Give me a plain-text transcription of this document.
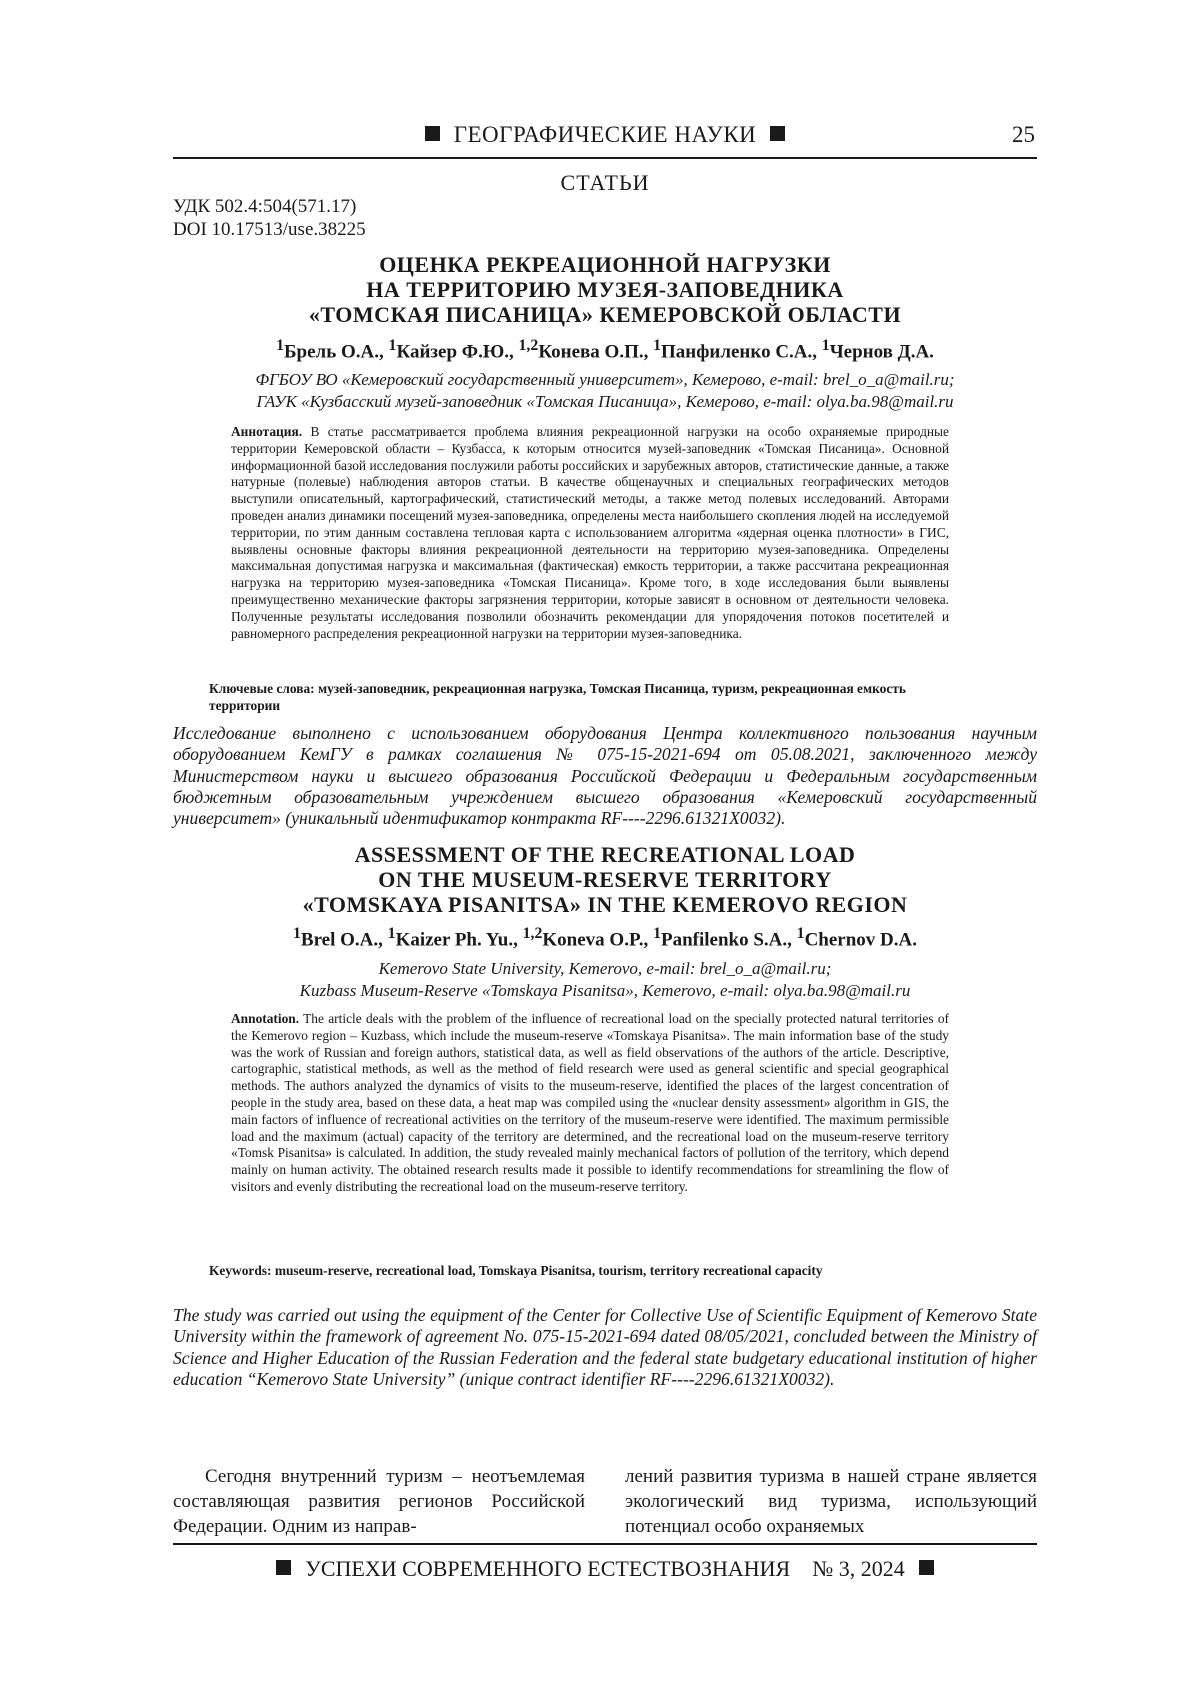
ГЕОГРАФИЧЕСКИЕ НАУКИ	25
СТАТЬИ
УДК 502.4:504(571.17)
DOI 10.17513/use.38225
ОЦЕНКА РЕКРЕАЦИОННОЙ НАГРУЗКИ
НА ТЕРРИТОРИЮ МУЗЕЯ-ЗАПОВЕДНИКА
«ТОМСКАЯ ПИСАНИЦА» КЕМЕРОВСКОЙ ОБЛАСТИ
$^1$Брель О.А., $^1$Кайзер Ф.Ю., $^{1,2}$Конева О.П., $^1$Панфиленко С.А., $^1$Чернов Д.А.
ФГБОУ ВО «Кемеровский государственный университет», Кемерово, e-mail: brel_o_a@mail.ru;
ГАУК «Кузбасский музей-заповедник «Томская Писаница», Кемерово, e-mail: olya.ba.98@mail.ru
Аннотация. В статье рассматривается проблема влияния рекреационной нагрузки на особо охраняемые природные территории Кемеровской области – Кузбасса, к которым относится музей-заповедник «Томская Писаница». Основной информационной базой исследования послужили работы российских и зарубежных авторов, статистические данные, а также натурные (полевые) наблюдения авторов статьи. В качестве общенаучных и специальных географических методов выступили описательный, картографический, статистический методы, а также метод полевых исследований. Авторами проведен анализ динамики посещений музея-заповедника, определены места наибольшего скопления людей на исследуемой территории, по этим данным составлена тепловая карта с использованием алгоритма «ядерная оценка плотности» в ГИС, выявлены основные факторы влияния рекреационной деятельности на территорию музея-заповедника. Определены максимальная допустимая нагрузка и максимальная (фактическая) емкость территории, а также рассчитана рекреационная нагрузка на территорию музея-заповедника «Томская Писаница». Кроме того, в ходе исследования были выявлены преимущественно механические факторы загрязнения территории, которые зависят в основном от деятельности человека. Полученные результаты исследования позволили обозначить рекомендации для упорядочения потоков посетителей и равномерного распределения рекреационной нагрузки на территории музея-заповедника.
Ключевые слова: музей-заповедник, рекреационная нагрузка, Томская Писаница, туризм, рекреационная емкость территории
Исследование выполнено с использованием оборудования Центра коллективного пользования научным оборудованием КемГУ в рамках соглашения № 075-15-2021-694 от 05.08.2021, заключенного между Министерством науки и высшего образования Российской Федерации и Федеральным государственным бюджетным образовательным учреждением высшего образования «Кемеровский государственный университет» (уникальный идентификатор контракта RF----2296.61321X0032).
ASSESSMENT OF THE RECREATIONAL LOAD
ON THE MUSEUM-RESERVE TERRITORY
«TOMSKAYA PISANITSA» IN THE KEMEROVO REGION
$^1$Brel O.A., $^1$Kaizer Ph. Yu., $^{1,2}$Koneva O.P., $^1$Panfilenko S.A., $^1$Chernov D.A.
Kemerovo State University, Kemerovo, e-mail: brel_o_a@mail.ru;
Kuzbass Museum-Reserve «Tomskaya Pisanitsa», Kemerovo, e-mail: olya.ba.98@mail.ru
Annotation. The article deals with the problem of the influence of recreational load on the specially protected natural territories of the Kemerovo region – Kuzbass, which include the museum-reserve «Tomskaya Pisanitsa». The main information base of the study was the work of Russian and foreign authors, statistical data, as well as field observations of the authors of the article. Descriptive, cartographic, statistical methods, as well as the method of field research were used as general scientific and special geographical methods. The authors analyzed the dynamics of visits to the museum-reserve, identified the places of the largest concentration of people in the study area, based on these data, a heat map was compiled using the «nuclear density assessment» algorithm in GIS, the main factors of influence of recreational activities on the territory of the museum-reserve were identified. The maximum permissible load and the maximum (actual) capacity of the territory are determined, and the recreational load on the museum-reserve territory «Tomsk Pisanitsa» is calculated. In addition, the study revealed mainly mechanical factors of pollution of the territory, which depend mainly on human activity. The obtained research results made it possible to identify recommendations for streamlining the flow of visitors and evenly distributing the recreational load on the museum-reserve territory.
Keywords: museum-reserve, recreational load, Tomskaya Pisanitsa, tourism, territory recreational capacity
The study was carried out using the equipment of the Center for Collective Use of Scientific Equipment of Kemerovo State University within the framework of agreement No. 075-15-2021-694 dated 08/05/2021, concluded between the Ministry of Science and Higher Education of the Russian Federation and the federal state budgetary educational institution of higher education “Kemerovo State University” (unique contract identifier RF----2296.61321X0032).
Сегодня внутренний туризм – неотъемлемая составляющая развития регионов Российской Федерации. Одним из направ-
лений развития туризма в нашей стране является экологический вид туризма, использующий потенциал особо охраняемых
УСПЕХИ СОВРЕМЕННОГО ЕСТЕСТВОЗНАНИЯ № 3, 2024
